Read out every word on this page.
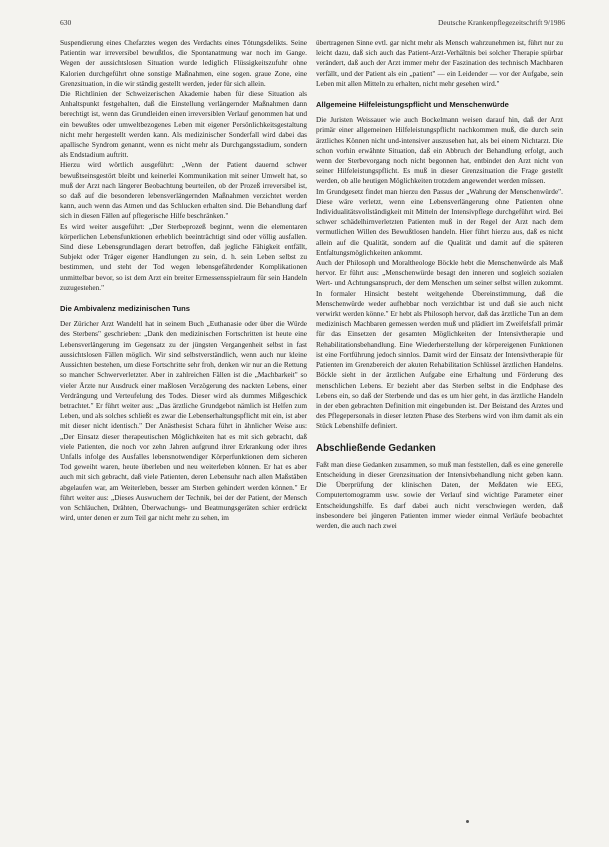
630	Deutsche Krankenpflegezeitschrift 9/1986

Suspendierung eines Chefarztes wegen des Verdachts eines Tötungsdelikts. Seine Patientin war irreversibel bewußtlos, die Spontanatmung war noch im Gange. Wegen der aussichtslosen Situation wurde lediglich Flüssigkeitszufuhr ohne Kalorien durchgeführt ohne sonstige Maßnahmen, eine sogen. graue Zone, eine Grenzsituation, in die wir ständig gestellt werden, jeder für sich allein.

Die Richtlinien der Schweizerischen Akademie haben für diese Situation als Anhaltspunkt festgehalten, daß die Einstellung verlängernder Maßnahmen dann berechtigt ist, wenn das Grundleiden einen irreversiblen Verlauf genommen hat und ein bewußtes oder umweltbezogenes Leben mit eigener Persönlichkeitsgestaltung nicht mehr hergestellt werden kann. Als medizinischer Sonderfall wird dabei das apallische Syndrom genannt, wenn es nicht mehr als Durchgangsstadium, sondern als Endstadium auftritt.

Hierzu wird wörtlich ausgeführt: „Wenn der Patient dauernd schwer bewußtseinsgestört bleibt und keinerlei Kommunikation mit seiner Umwelt hat, so muß der Arzt nach längerer Beobachtung beurteilen, ob der Prozeß irreversibel ist, so daß auf die besonderen lebensverlängernden Maßnahmen verzichtet werden kann, auch wenn das Atmen und das Schlucken erhalten sind. Die Behandlung darf sich in diesen Fällen auf pflegerische Hilfe beschränken."

Es wird weiter ausgeführt: „Der Sterbeprozeß beginnt, wenn die elementaren körperlichen Lebensfunktionen erheblich beeinträchtigt sind oder völlig ausfallen. Sind diese Lebensgrundlagen derart betroffen, daß jegliche Fähigkeit entfällt, Subjekt oder Träger eigener Handlungen zu sein, d. h. sein Leben selbst zu bestimmen, und steht der Tod wegen lebensgefährdender Komplikationen unmittelbar bevor, so ist dem Arzt ein breiter Ermessensspielraum für sein Handeln zuzugestehen."

Die Ambivalenz medizinischen Tuns

Der Züricher Arzt Wandeltl hat in seinem Buch „Euthanasie oder über die Würde des Sterbens" geschrieben: „Dank den medizinischen Fortschritten ist heute eine Lebensverlängerung im Gegensatz zu der jüngsten Vergangenheit selbst in fast aussichtslosen Fällen möglich. Wir sind selbstverständlich, wenn auch nur kleine Aussichten bestehen, um diese Fortschritte sehr froh, denken wir nur an die Rettung so mancher Schwerverletzter. Aber in zahlreichen Fällen ist die „Machbarkeit" so vieler Ärzte nur Ausdruck einer maßlosen Verzögerung des nackten Lebens, einer Verdrängung und Verteufelung des Todes. Dieser wird als dummes Mißgeschick betrachtet." Er führt weiter aus: „Das ärztliche Grundgebot nämlich ist Helfen zum Leben, und als solches schließt es zwar die Lebenserhaltungspflicht mit ein, ist aber mit dieser nicht identisch." Der Anästhesist Schara führt in ähnlicher Weise aus: „Der Einsatz dieser therapeutischen Möglichkeiten hat es mit sich gebracht, daß viele Patienten, die noch vor zehn Jahren aufgrund ihrer Erkrankung oder ihres Unfalls infolge des Ausfalles lebensnotwendiger Körperfunktionen dem sicheren Tod geweiht waren, heute überleben und neu weiterleben können. Er hat es aber auch mit sich gebracht, daß viele Patienten, deren Lebensuhr nach allen Maßstäben abgelaufen war, am Weiterleben, besser am Sterben gehindert werden können." Er führt weiter aus: „Dieses Auswuchern der Technik, bei der der Patient, der Mensch von Schläuchen, Drähten, Überwachungs- und Beatmungsgeräten schier erdrückt wird, unter denen er zum Teil gar nicht mehr zu sehen, im

übertragenen Sinne evtl. gar nicht mehr als Mensch wahrzunehmen ist, führt nur zu leicht dazu, daß sich auch das Patient-Arzt-Verhältnis bei solcher Therapie spürbar verändert, daß auch der Arzt immer mehr der Faszination des technisch Machbaren verfällt, und der Patient als ein „patient" — ein Leidender — vor der Aufgabe, sein Leben mit allen Mitteln zu erhalten, nicht mehr gesehen wird."

Allgemeine Hilfeleistungspflicht und Menschenwürde

Die Juristen Weissauer wie auch Bockelmann weisen darauf hin, daß der Arzt primär einer allgemeinen Hilfeleistungspflicht nachkommen muß, die durch sein ärztliches Können nicht und-intensiver auszusehen hat, als bei einem Nichtarzt. Die schon vorhin erwähnte Situation, daß ein Abbruch der Behandlung erfolgt, auch wenn der Sterbevorgang noch nicht begonnen hat, entbindet den Arzt nicht von seiner Hilfeleistungspflicht. Es muß in dieser Grenzsituation die Frage gestellt werden, ob alle heutigen Möglichkeiten trotzdem angewendet werden müssen.

Im Grundgesetz findet man hierzu den Passus der „Wahrung der Menschenwürde". Diese wäre verletzt, wenn eine Lebensverlängerung ohne Patienten ohne Individualitätsvollständigkeit mit Mitteln der Intensivpflege durchgeführt wird. Bei schwer schädelhirnverletzten Patienten muß in der Regel der Arzt nach dem vermutlichen Willen des Bewußtlosen handeln. Hier führt hierzu aus, daß es nicht allein auf die Qualität, sondern auf die Qualität und damit auf die späteren Entfaltungsmöglichkeiten ankommt.

Auch der Philosoph und Moraltheologe Böckle hebt die Menschenwürde als Maß hervor. Er führt aus: „Menschenwürde besagt den inneren und sogleich sozialen Wert- und Achtungsanspruch, der dem Menschen um seiner selbst willen zukommt. In formaler Hinsicht besteht weitgehende Übereinstimmung, daß die Menschenwürde weder aufhebbar noch verzichtbar ist und daß sie auch nicht verwirkt werden könne." Er hebt als Philosoph hervor, daß das ärztliche Tun an dem medizinisch Machbaren gemessen werden muß und plädiert im Zweifelsfall primär für das Einsetzen der gesamten Möglichkeiten der Intensivtherapie und Rehabilitationsbehandlung. Eine Wiederherstellung der körpereigenen Funktionen ist eine Fortführung jedoch sinnlos. Damit wird der Einsatz der Intensivtherapie für Patienten im Grenzbereich der akuten Rehabilitation Schlüssel ärztlichen Handelns. Böckle sieht in der ärztlichen Aufgabe eine Erhaltung und Förderung des menschlichen Lebens. Er bezieht aber das Sterben selbst in die Endphase des Lebens ein, so daß der Sterbende und das es um hier geht, in das ärztliche Handeln in der eben gebrachten Definition mit eingebunden ist. Der Beistand des Arztes und des Pflegepersonals in dieser letzten Phase des Sterbens wird von ihm damit als ein Stück Lebenshilfe definiert.

Abschließende Gedanken

Faßt man diese Gedanken zusammen, so muß man feststellen, daß es eine generelle Entscheidung in dieser Grenzsituation der Intensivbehandlung nicht geben kann. Die Überprüfung der klinischen Daten, der Meßdaten wie EEG, Computertomogramm usw. sowie der Verlauf sind wichtige Parameter einer Entscheidungshilfe. Es darf dabei auch nicht verschwiegen werden, daß insbesondere bei jüngeren Patienten immer wieder einmal Verläufe beobachtet werden, die auch nach zwei
